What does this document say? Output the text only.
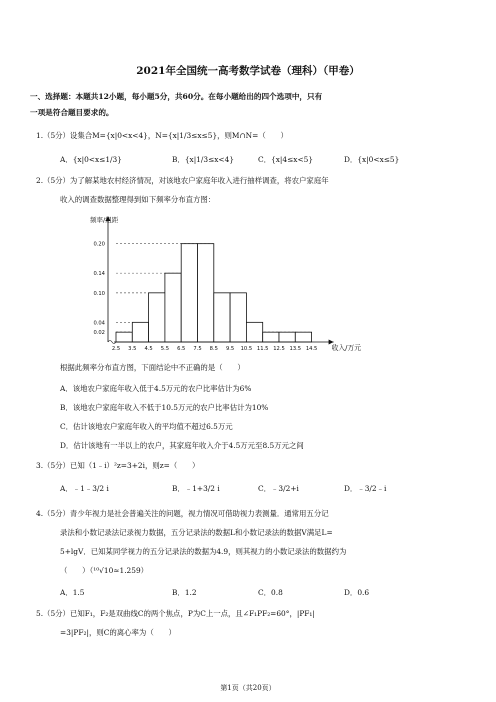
2021年全国统一高考数学试卷（理科）（甲卷）
一、选择题：本题共12小题，每小题5分，共60分。在每小题给出的四个选项中，只有
一项是符合题目要求的。
1.（5分）设集合M={x|0<x<4}，N={x|1/3≤x≤5}，则M∩N=（　　）
A．{x|0<x≤1/3}	B．{x|1/3≤x<4}	C．{x|4≤x<5}	D．{x|0<x≤5}
2.（5分）为了解某地农村经济情况，对该地农户家庭年收入进行抽样调查，将农户家庭年
收入的调查数据整理得到如下频率分布直方图：
0.02
0.04
0.10
0.14
0.20
2.5 3.5 4.5 5.5 6.5 7.5 8.5 9.5 10.5 11.5 12.5 13.5 14.5
频率/组距
收入/万元
根据此频率分布直方图，下面结论中不正确的是（　　）
A．该地农户家庭年收入低于4.5万元的农户比率估计为6%
B．该地农户家庭年收入不低于10.5万元的农户比率估计为10%
C．估计该地农户家庭年收入的平均值不超过6.5万元
D．估计该地有一半以上的农户，其家庭年收入介于4.5万元至8.5万元之间
3.（5分）已知（1﹣i）²z=3+2i，则z=（　　）
A．﹣1﹣3/2 i	B．﹣1+3/2 i	C．﹣3/2+i	D．﹣3/2﹣i
4.（5分）青少年视力是社会普遍关注的问题，视力情况可借助视力表测量．通常用五分记
录法和小数记录法记录视力数据，五分记录法的数据L和小数记录法的数据V满足L=
5+lgV．已知某同学视力的五分记录法的数据为4.9，则其视力的小数记录法的数据约为
（　　）（¹⁰√10≈1.259）
A．1.5	B．1.2	C．0.8	D．0.6
5.（5分）已知F₁，F₂是双曲线C的两个焦点，P为C上一点，且∠F₁PF₂=60°，|PF₁|
=3|PF₂|，则C的离心率为（　　）
第1页（共20页）
